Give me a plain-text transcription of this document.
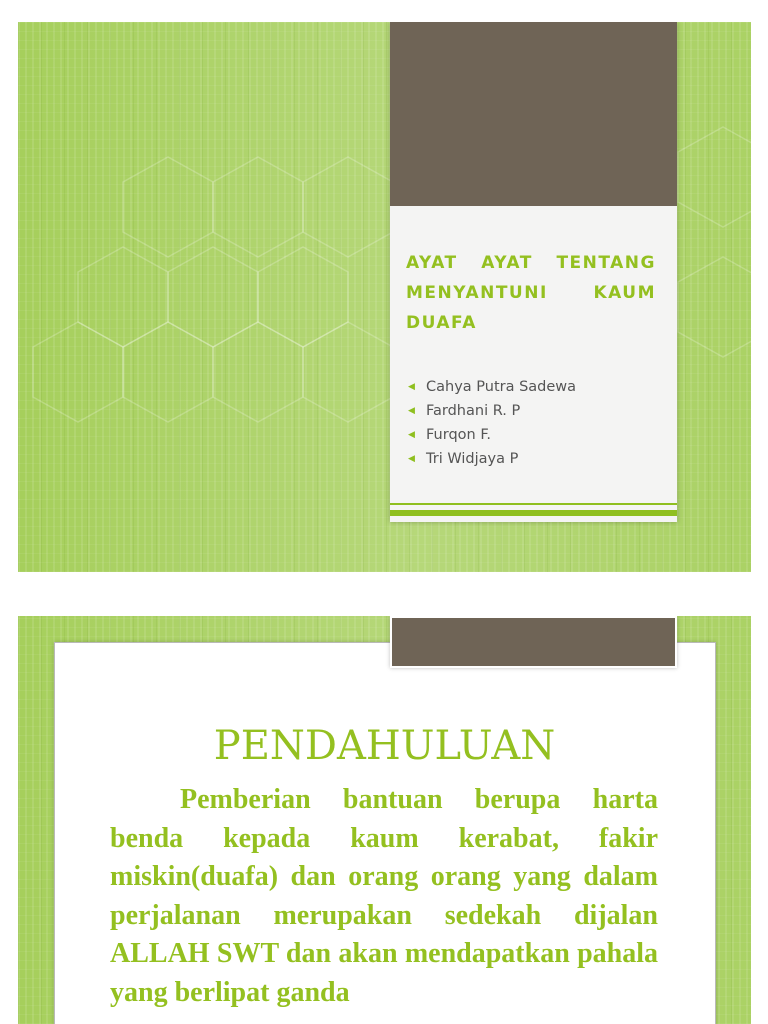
AYAT AYAT TENTANG MENYANTUNI KAUM DUAFA
◀ Cahya Putra Sadewa
◀ Fardhani R. P
◀ Furqon F.
◀ Tri Widjaya P
PENDAHULUAN

Pemberian bantuan berupa harta benda kepada kaum kerabat, fakir miskin(duafa) dan orang orang yang dalam perjalanan merupakan sedekah dijalan ALLAH SWT dan akan mendapatkan pahala yang berlipat ganda
